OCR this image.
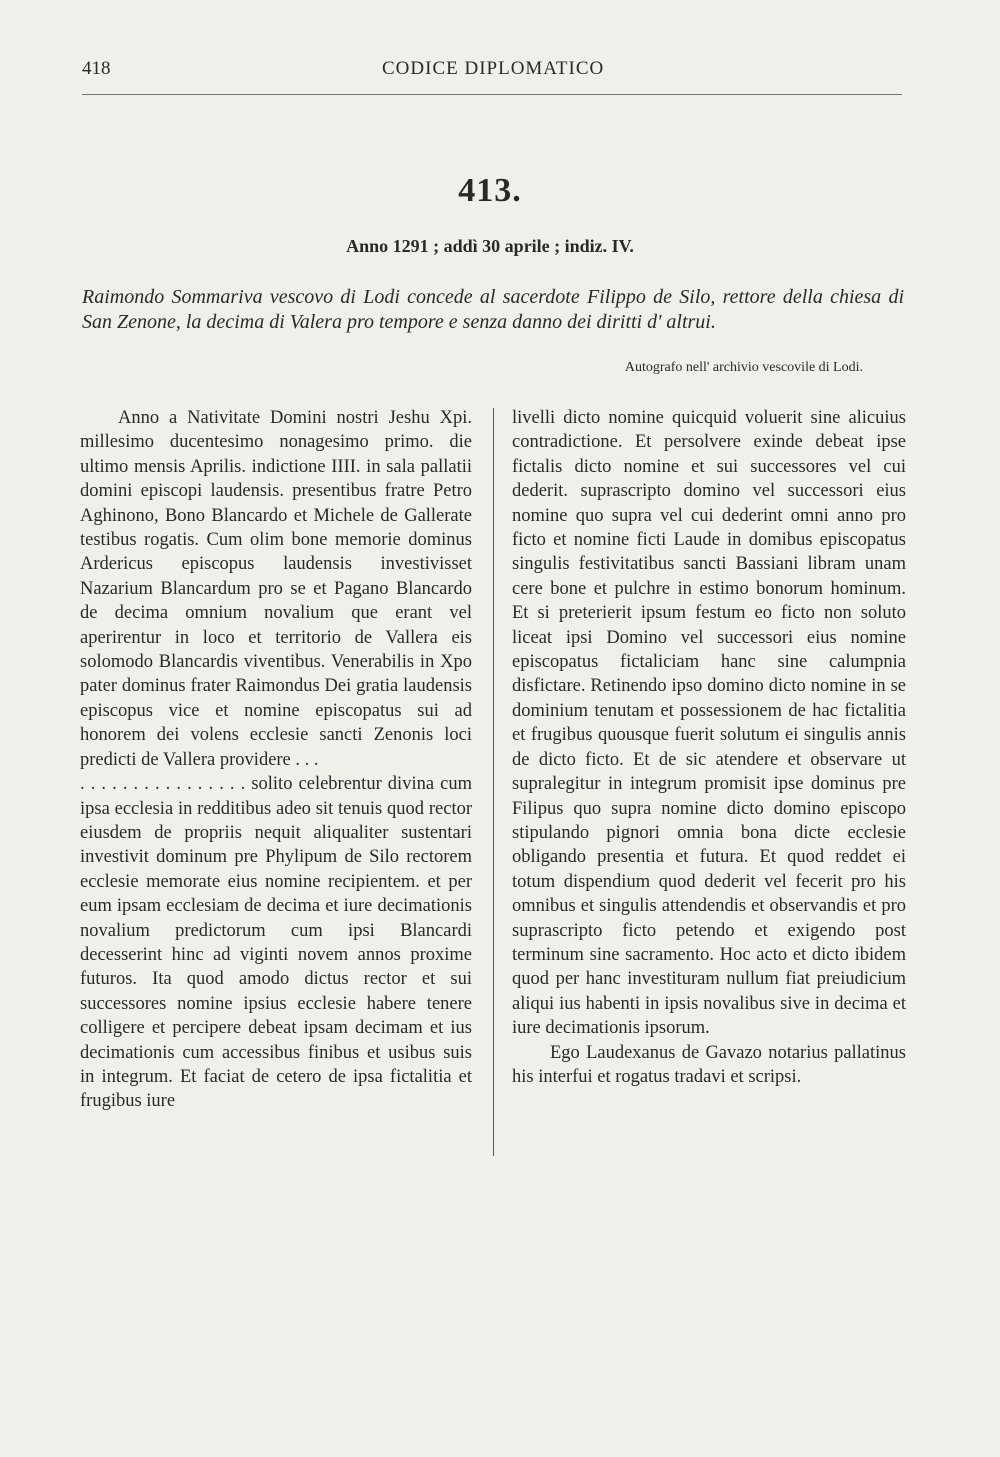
418	CODICE DIPLOMATICO
413.
Anno 1291 ; addì 30 aprile ; indiz. IV.
Raimondo Sommariva vescovo di Lodi concede al sacerdote Filippo de Silo, rettore della chiesa di San Zenone, la decima di Valera pro tempore e senza danno dei diritti d' altrui.
Autografo nell' archivio vescovile di Lodi.

Anno a Nativitate Domini nostri Jeshu Xpi. millesimo ducentesimo nonagesimo primo. die ultimo mensis Aprilis. indictione IIII. in sala pallatii domini episcopi laudensis. presentibus fratre Petro Aghinono, Bono Blancardo et Michele de Gallerate testibus rogatis. Cum olim bone memorie dominus Ardericus episcopus laudensis investivisset Nazarium Blancardum pro se et Pagano Blancardo de decima omnium novalium que erant vel aperirentur in loco et territorio de Vallera eis solomodo Blancardis viventibus. Venerabilis in Xpo pater dominus frater Raimondus Dei gratia laudensis episcopus vice et nomine episcopatus sui ad honorem dei volens ecclesie sancti Zenonis loci predicti de Vallera providere . . .

. . . . . . . . . . . . . . . . solito celebrentur divina cum ipsa ecclesia in redditibus adeo sit tenuis quod rector eiusdem de propriis nequit aliqualiter sustentari investivit dominum pre Phylipum de Silo rectorem ecclesie memorate eius nomine recipientem. et per eum ipsam ecclesiam de decima et iure decimationis novalium predictorum cum ipsi Blancardi decesserint hinc ad viginti novem annos proxime futuros. Ita quod amodo dictus rector et sui successores nomine ipsius ecclesie habere tenere colligere et percipere debeat ipsam decimam et ius decimationis cum accessibus finibus et usibus suis in integrum. Et faciat de cetero de ipsa fictalitia et frugibus iure

livelli dicto nomine quicquid voluerit sine alicuius contradictione. Et persolvere exinde debeat ipse fictalis dicto nomine et sui successores vel cui dederit. suprascripto domino vel successori eius nomine quo supra vel cui dederint omni anno pro ficto et nomine ficti Laude in domibus episcopatus singulis festivitatibus sancti Bassiani libram unam cere bone et pulchre in estimo bonorum hominum. Et si preterierit ipsum festum eo ficto non soluto liceat ipsi Domino vel successori eius nomine episcopatus fictaliciam hanc sine calumpnia disfictare. Retinendo ipso domino dicto nomine in se dominium tenutam et possessionem de hac fictalitia et frugibus quousque fuerit solutum ei singulis annis de dicto ficto. Et de sic atendere et observare ut supralegitur in integrum promisit ipse dominus pre Filipus quo supra nomine dicto domino episcopo stipulando pignori omnia bona dicte ecclesie obligando presentia et futura. Et quod reddet ei totum dispendium quod dederit vel fecerit pro his omnibus et singulis attendendis et observandis et pro suprascripto ficto petendo et exigendo post terminum sine sacramento. Hoc acto et dicto ibidem quod per hanc investituram nullum fiat preiudicium aliqui ius habenti in ipsis novalibus sive in decima et iure decimationis ipsorum.

Ego Laudexanus de Gavazo notarius pallatinus his interfui et rogatus tradavi et scripsi.
